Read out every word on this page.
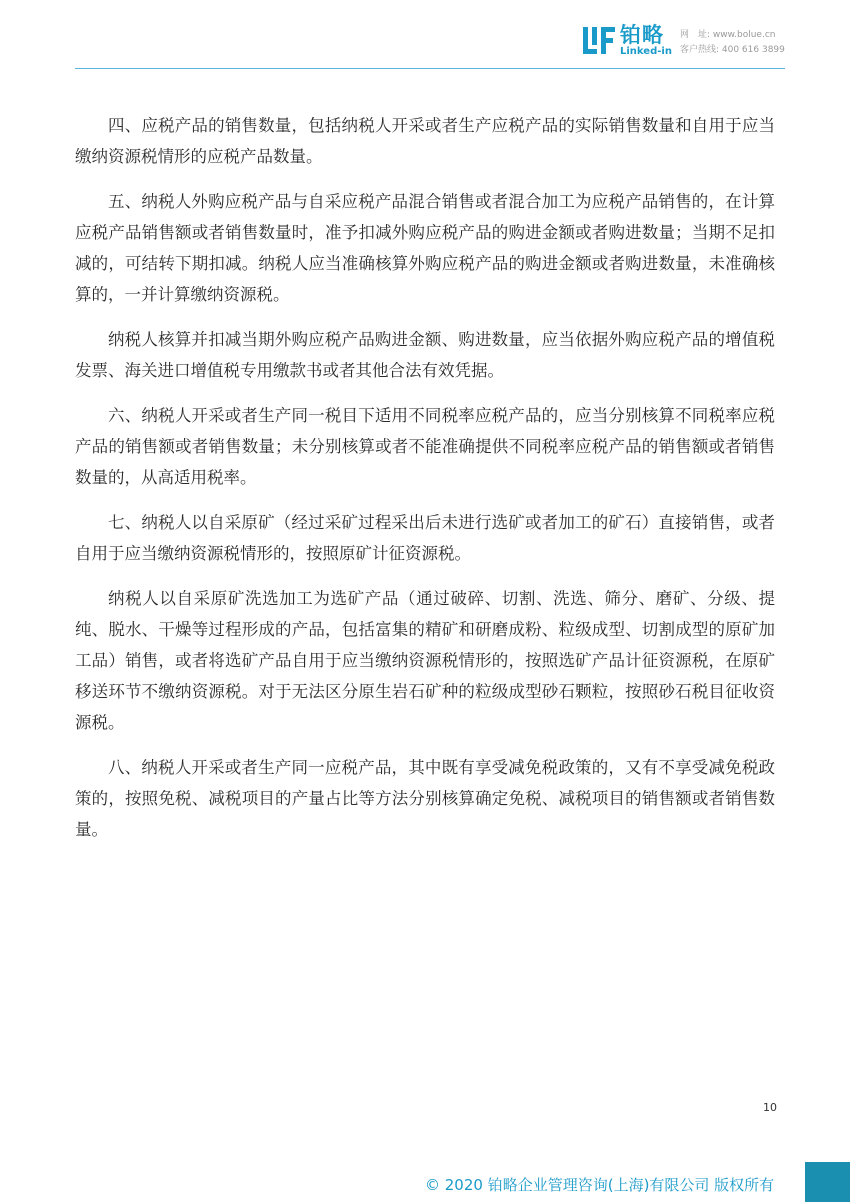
铂略
Linked-in
网　址: www.bolue.cn
客户热线: 400 616 3899

四、应税产品的销售数量，包括纳税人开采或者生产应税产品的实际销售数量和自用于应当缴纳资源税情形的应税产品数量。

五、纳税人外购应税产品与自采应税产品混合销售或者混合加工为应税产品销售的，在计算应税产品销售额或者销售数量时，准予扣减外购应税产品的购进金额或者购进数量；当期不足扣减的，可结转下期扣减。纳税人应当准确核算外购应税产品的购进金额或者购进数量，未准确核算的，一并计算缴纳资源税。

纳税人核算并扣减当期外购应税产品购进金额、购进数量，应当依据外购应税产品的增值税发票、海关进口增值税专用缴款书或者其他合法有效凭据。

六、纳税人开采或者生产同一税目下适用不同税率应税产品的，应当分别核算不同税率应税产品的销售额或者销售数量；未分别核算或者不能准确提供不同税率应税产品的销售额或者销售数量的，从高适用税率。

七、纳税人以自采原矿（经过采矿过程采出后未进行选矿或者加工的矿石）直接销售，或者自用于应当缴纳资源税情形的，按照原矿计征资源税。

纳税人以自采原矿洗选加工为选矿产品（通过破碎、切割、洗选、筛分、磨矿、分级、提纯、脱水、干燥等过程形成的产品，包括富集的精矿和研磨成粉、粒级成型、切割成型的原矿加工品）销售，或者将选矿产品自用于应当缴纳资源税情形的，按照选矿产品计征资源税，在原矿移送环节不缴纳资源税。对于无法区分原生岩石矿种的粒级成型砂石颗粒，按照砂石税目征收资源税。

八、纳税人开采或者生产同一应税产品，其中既有享受减免税政策的，又有不享受减免税政策的，按照免税、减税项目的产量占比等方法分别核算确定免税、减税项目的销售额或者销售数量。

10
© 2020 铂略企业管理咨询(上海)有限公司 版权所有
